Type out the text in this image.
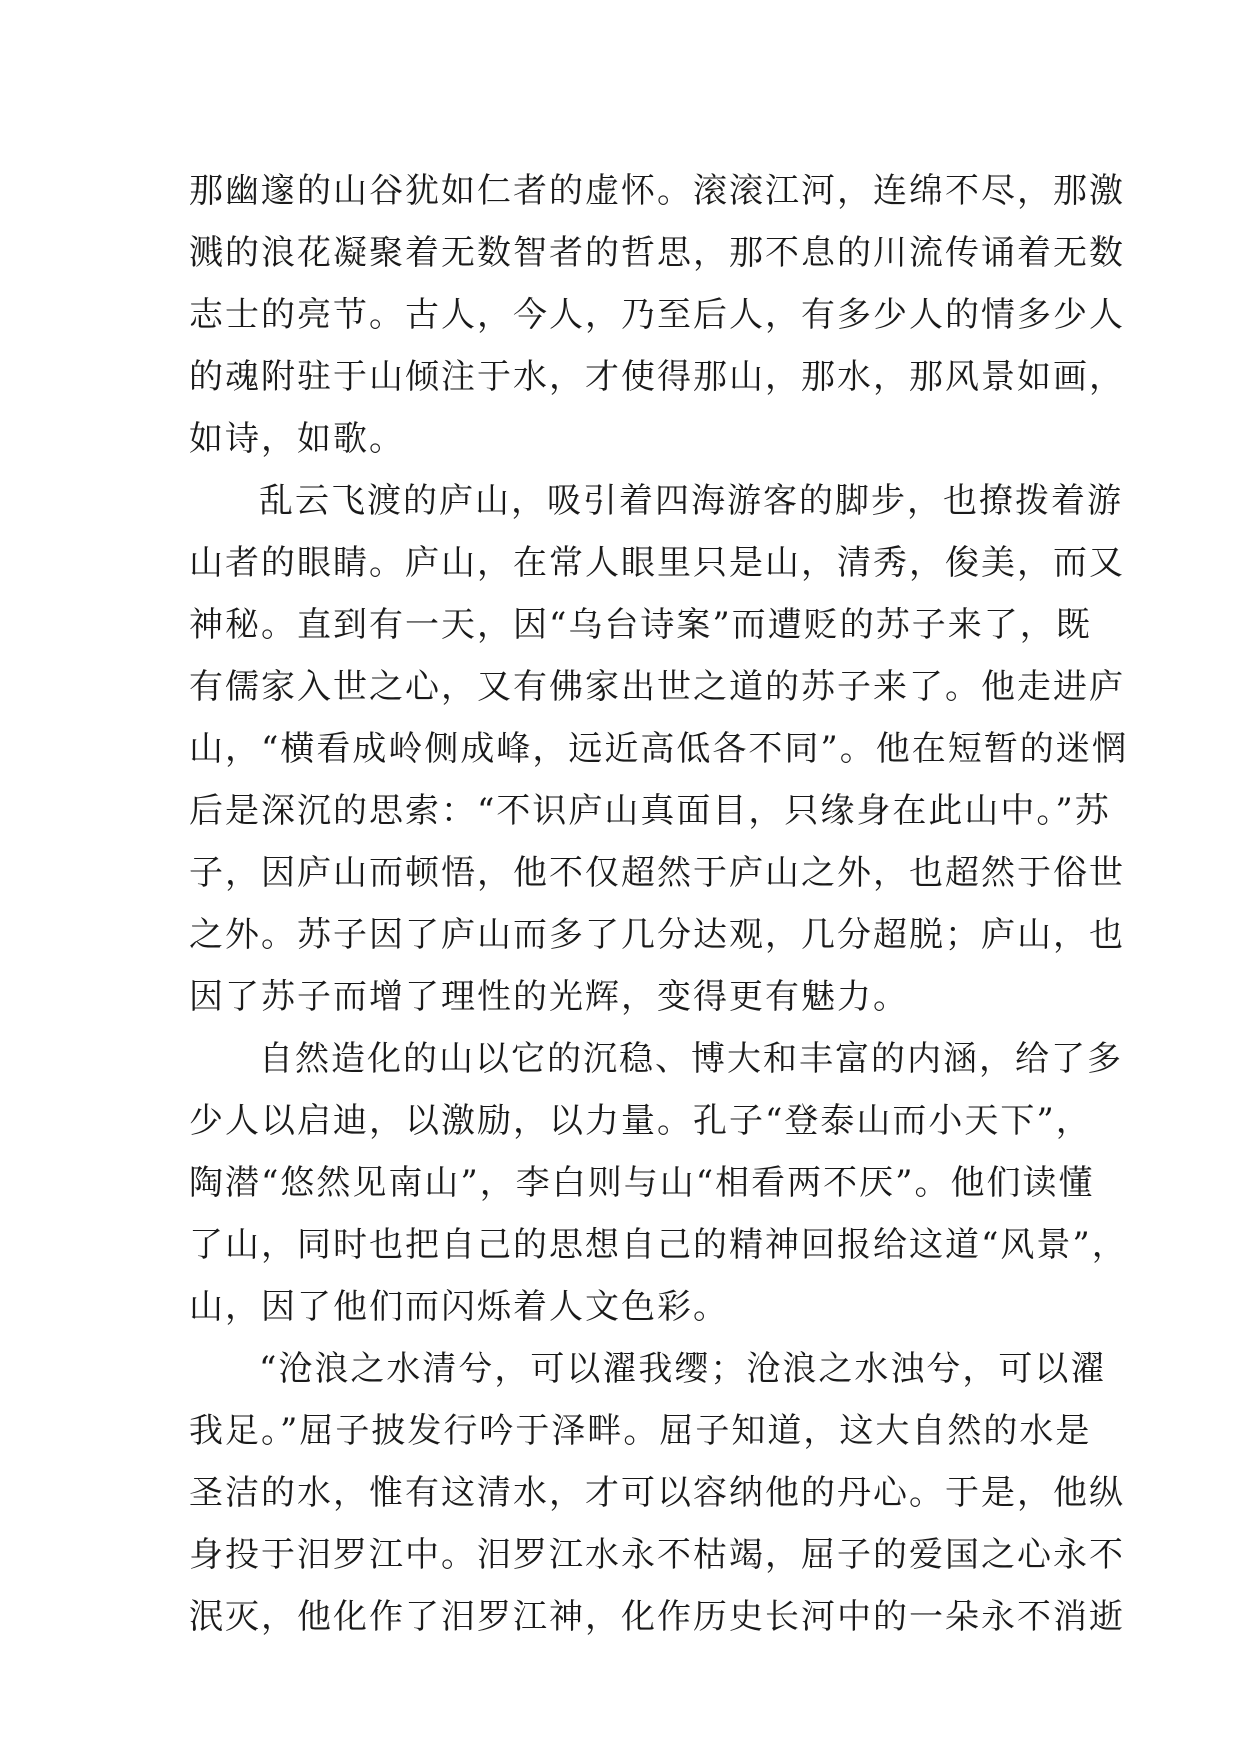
那幽邃的山谷犹如仁者的虚怀。滚滚江河，连绵不尽，那激
溅的浪花凝聚着无数智者的哲思，那不息的川流传诵着无数
志士的亮节。古人，今人，乃至后人，有多少人的情多少人
的魂附驻于山倾注于水，才使得那山，那水，那风景如画，
如诗，如歌。
乱云飞渡的庐山，吸引着四海游客的脚步，也撩拨着游
山者的眼睛。庐山，在常人眼里只是山，清秀，俊美，而又
神秘。直到有一天，因“乌台诗案”而遭贬的苏子来了，既
有儒家入世之心，又有佛家出世之道的苏子来了。他走进庐
山，“横看成岭侧成峰，远近高低各不同”。他在短暂的迷惘
后是深沉的思索：“不识庐山真面目，只缘身在此山中。”苏
子，因庐山而顿悟，他不仅超然于庐山之外，也超然于俗世
之外。苏子因了庐山而多了几分达观，几分超脱；庐山，也
因了苏子而增了理性的光辉，变得更有魅力。
自然造化的山以它的沉稳、博大和丰富的内涵，给了多
少人以启迪，以激励，以力量。孔子“登泰山而小天下”，
陶潜“悠然见南山”，李白则与山“相看两不厌”。他们读懂
了山，同时也把自己的思想自己的精神回报给这道“风景”，
山，因了他们而闪烁着人文色彩。
“沧浪之水清兮，可以濯我缨；沧浪之水浊兮，可以濯
我足。”屈子披发行吟于泽畔。屈子知道，这大自然的水是
圣洁的水，惟有这清水，才可以容纳他的丹心。于是，他纵
身投于汨罗江中。汨罗江水永不枯竭，屈子的爱国之心永不
泯灭，他化作了汨罗江神，化作历史长河中的一朵永不消逝
